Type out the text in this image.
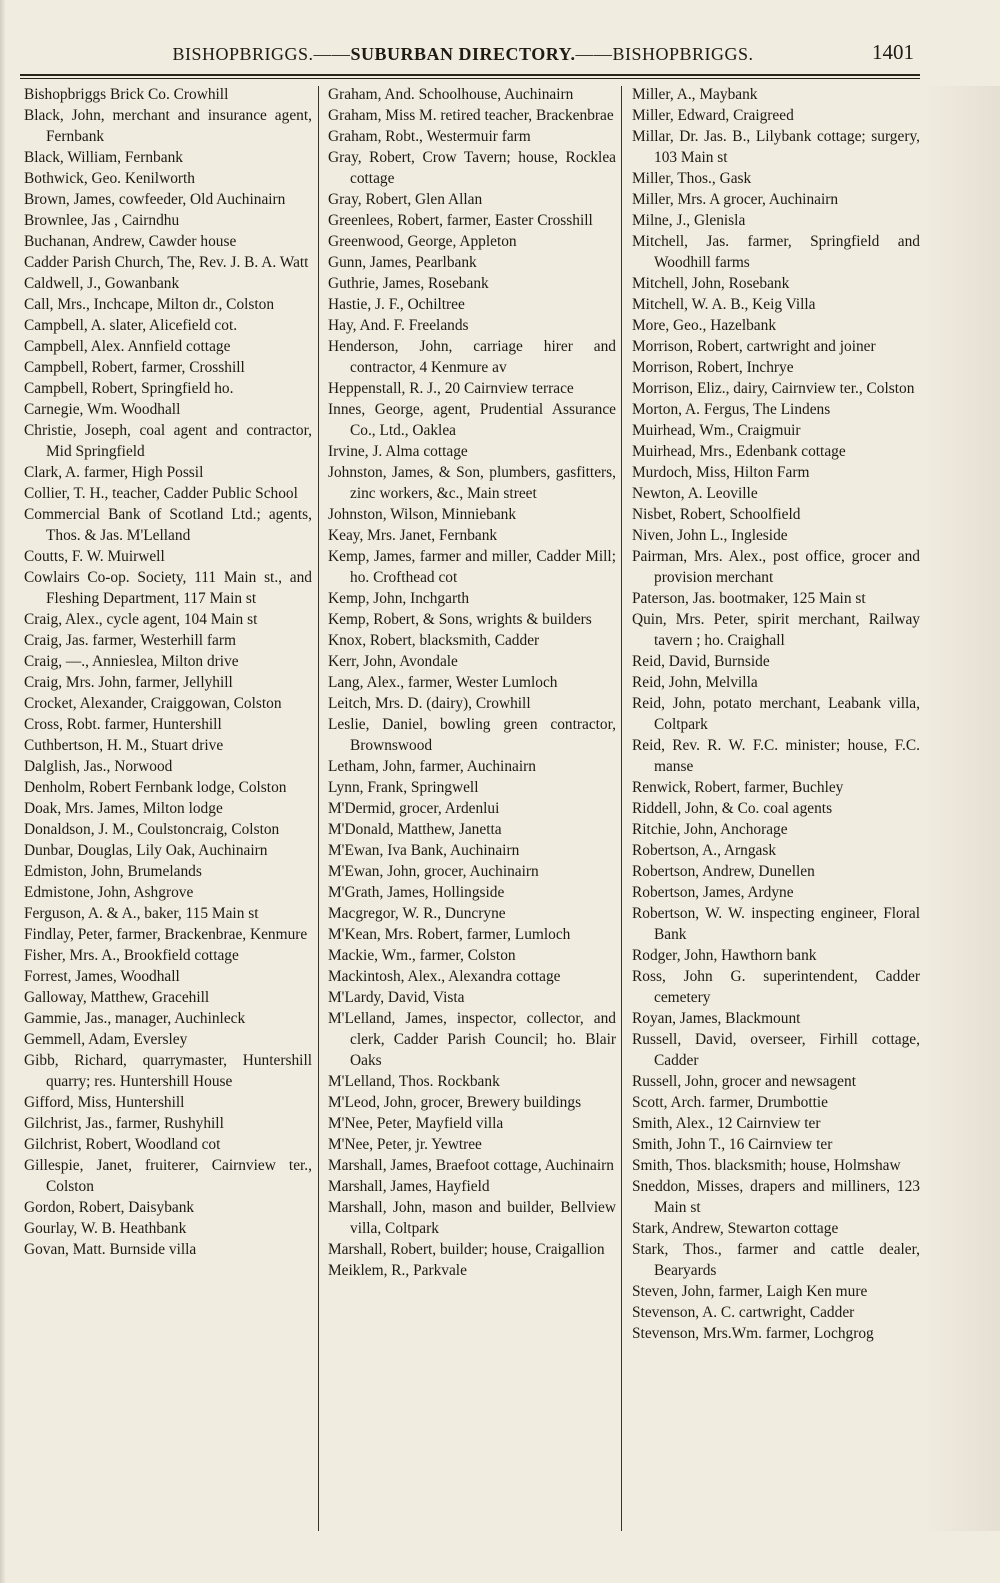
BISHOPBRIGGS.——SUBURBAN DIRECTORY.——BISHOPBRIGGS.	1401
Bishopbriggs Brick Co. Crowhill
Black, John, merchant and insurance agent, Fernbank
Black, William, Fernbank
Bothwick, Geo. Kenilworth
Brown, James, cowfeeder, Old Auchinairn
Brownlee, Jas , Cairndhu
Buchanan, Andrew, Cawder house
Cadder Parish Church, The, Rev. J. B. A. Watt
Caldwell, J., Gowanbank
Call, Mrs., Inchcape, Milton dr., Colston
Campbell, A. slater, Alicefield cot.
Campbell, Alex. Annfield cottage
Campbell, Robert, farmer, Crosshill
Campbell, Robert, Springfield ho.
Carnegie, Wm. Woodhall
Christie, Joseph, coal agent and contractor, Mid Springfield
Clark, A. farmer, High Possil
Collier, T. H., teacher, Cadder Public School
Commercial Bank of Scotland Ltd.; agents, Thos. & Jas. M'Lelland
Coutts, F. W. Muirwell
Cowlairs Co-op. Society, 111 Main st., and Fleshing Department, 117 Main st
Craig, Alex., cycle agent, 104 Main st
Craig, Jas. farmer, Westerhill farm
Craig, —., Annieslea, Milton drive
Craig, Mrs. John, farmer, Jellyhill
Crocket, Alexander, Craiggowan, Colston
Cross, Robt. farmer, Huntershill
Cuthbertson, H. M., Stuart drive
Dalglish, Jas., Norwood
Denholm, Robert Fernbank lodge, Colston
Doak, Mrs. James, Milton lodge
Donaldson, J. M., Coulstoncraig, Colston
Dunbar, Douglas, Lily Oak, Auchinairn
Edmiston, John, Brumelands
Edmistone, John, Ashgrove
Ferguson, A. & A., baker, 115 Main st
Findlay, Peter, farmer, Brackenbrae, Kenmure
Fisher, Mrs. A., Brookfield cottage
Forrest, James, Woodhall
Galloway, Matthew, Gracehill
Gammie, Jas., manager, Auchinleck
Gemmell, Adam, Eversley
Gibb, Richard, quarrymaster, Huntershill quarry; res. Huntershill House
Gifford, Miss, Huntershill
Gilchrist, Jas., farmer, Rushyhill
Gilchrist, Robert, Woodland cot
Gillespie, Janet, fruiterer, Cairnview ter., Colston
Gordon, Robert, Daisybank
Gourlay, W. B. Heathbank
Govan, Matt. Burnside villa
Graham, And. Schoolhouse, Auchinairn
Graham, Miss M. retired teacher, Brackenbrae
Graham, Robt., Westermuir farm
Gray, Robert, Crow Tavern; house, Rocklea cottage
Gray, Robert, Glen Allan
Greenlees, Robert, farmer, Easter Crosshill
Greenwood, George, Appleton
Gunn, James, Pearlbank
Guthrie, James, Rosebank
Hastie, J. F., Ochiltree
Hay, And. F. Freelands
Henderson, John, carriage hirer and contractor, 4 Kenmure av
Heppenstall, R. J., 20 Cairnview terrace
Innes, George, agent, Prudential Assurance Co., Ltd., Oaklea
Irvine, J. Alma cottage
Johnston, James, & Son, plumbers, gasfitters, zinc workers, &c., Main street
Johnston, Wilson, Minniebank
Keay, Mrs. Janet, Fernbank
Kemp, James, farmer and miller, Cadder Mill; ho. Crofthead cot
Kemp, John, Inchgarth
Kemp, Robert, & Sons, wrights & builders
Knox, Robert, blacksmith, Cadder
Kerr, John, Avondale
Lang, Alex., farmer, Wester Lumloch
Leitch, Mrs. D. (dairy), Crowhill
Leslie, Daniel, bowling green contractor, Brownswood
Letham, John, farmer, Auchinairn
Lynn, Frank, Springwell
M'Dermid, grocer, Ardenlui
M'Donald, Matthew, Janetta
M'Ewan, Iva Bank, Auchinairn
M'Ewan, John, grocer, Auchinairn
M'Grath, James, Hollingside
Macgregor, W. R., Duncryne
M'Kean, Mrs. Robert, farmer, Lumloch
Mackie, Wm., farmer, Colston
Mackintosh, Alex., Alexandra cottage
M'Lardy, David, Vista
M'Lelland, James, inspector, collector, and clerk, Cadder Parish Council; ho. Blair Oaks
M'Lelland, Thos. Rockbank
M'Leod, John, grocer, Brewery buildings
M'Nee, Peter, Mayfield villa
M'Nee, Peter, jr. Yewtree
Marshall, James, Braefoot cottage, Auchinairn
Marshall, James, Hayfield
Marshall, John, mason and builder, Bellview villa, Coltpark
Marshall, Robert, builder; house, Craigallion
Meiklem, R., Parkvale
Miller, A., Maybank
Miller, Edward, Craigreed
Millar, Dr. Jas. B., Lilybank cottage; surgery, 103 Main st
Miller, Thos., Gask
Miller, Mrs. A grocer, Auchinairn
Milne, J., Glenisla
Mitchell, Jas. farmer, Springfield and Woodhill farms
Mitchell, John, Rosebank
Mitchell, W. A. B., Keig Villa
More, Geo., Hazelbank
Morrison, Robert, cartwright and joiner
Morrison, Robert, Inchrye
Morrison, Eliz., dairy, Cairnview ter., Colston
Morton, A. Fergus, The Lindens
Muirhead, Wm., Craigmuir
Muirhead, Mrs., Edenbank cottage
Murdoch, Miss, Hilton Farm
Newton, A. Leoville
Nisbet, Robert, Schoolfield
Niven, John L., Ingleside
Pairman, Mrs. Alex., post office, grocer and provision merchant
Paterson, Jas. bootmaker, 125 Main st
Quin, Mrs. Peter, spirit merchant, Railway tavern ; ho. Craighall
Reid, David, Burnside
Reid, John, Melvilla
Reid, John, potato merchant, Leabank villa, Coltpark
Reid, Rev. R. W. F.C. minister; house, F.C. manse
Renwick, Robert, farmer, Buchley
Riddell, John, & Co. coal agents
Ritchie, John, Anchorage
Robertson, A., Arngask
Robertson, Andrew, Dunellen
Robertson, James, Ardyne
Robertson, W. W. inspecting engineer, Floral Bank
Rodger, John, Hawthorn bank
Ross, John G. superintendent, Cadder cemetery
Royan, James, Blackmount
Russell, David, overseer, Firhill cottage, Cadder
Russell, John, grocer and newsagent
Scott, Arch. farmer, Drumbottie
Smith, Alex., 12 Cairnview ter
Smith, John T., 16 Cairnview ter
Smith, Thos. blacksmith; house, Holmshaw
Sneddon, Misses, drapers and milliners, 123 Main st
Stark, Andrew, Stewarton cottage
Stark, Thos., farmer and cattle dealer, Bearyards
Steven, John, farmer, Laigh Ken mure
Stevenson, A. C. cartwright, Cadder
Stevenson, Mrs.Wm. farmer, Lochgrog
